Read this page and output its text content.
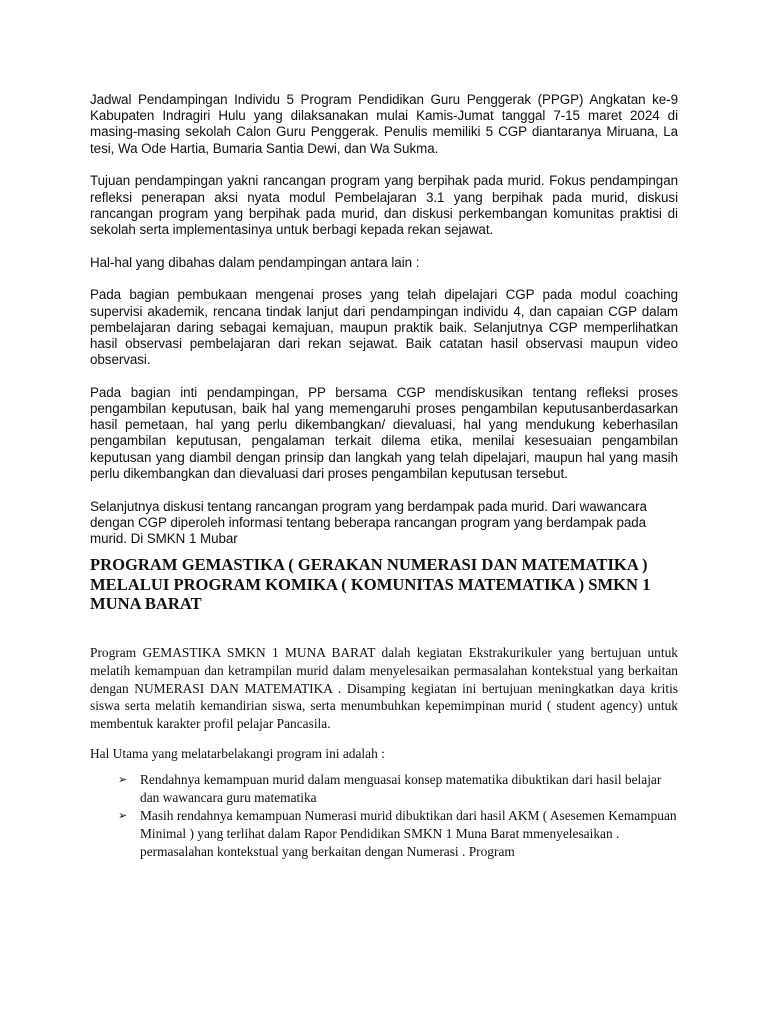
Jadwal Pendampingan Individu 5 Program Pendidikan Guru Penggerak (PPGP) Angkatan ke-9 Kabupaten Indragiri Hulu yang dilaksanakan mulai Kamis-Jumat tanggal 7-15 maret 2024 di masing-masing sekolah Calon Guru Penggerak. Penulis memiliki 5 CGP diantaranya Miruana, La tesi, Wa Ode Hartia, Bumaria Santia Dewi, dan Wa Sukma.

Tujuan pendampingan yakni rancangan program yang berpihak pada murid. Fokus pendampingan refleksi penerapan aksi nyata modul Pembelajaran 3.1 yang berpihak pada murid, diskusi rancangan program yang berpihak pada murid, dan diskusi perkembangan komunitas praktisi di sekolah serta implementasinya untuk berbagi kepada rekan sejawat.

Hal-hal yang dibahas dalam pendampingan antara lain :

Pada bagian pembukaan mengenai proses yang telah dipelajari CGP pada modul coaching supervisi akademik, rencana tindak lanjut dari pendampingan individu 4, dan capaian CGP dalam pembelajaran daring sebagai kemajuan, maupun praktik baik. Selanjutnya CGP memperlihatkan hasil observasi pembelajaran dari rekan sejawat. Baik catatan hasil observasi maupun video observasi.

Pada bagian inti pendampingan, PP bersama CGP mendiskusikan tentang refleksi proses pengambilan keputusan, baik hal yang memengaruhi proses pengambilan keputusanberdasarkan hasil pemetaan, hal yang perlu dikembangkan/ dievaluasi, hal yang mendukung keberhasilan pengambilan keputusan, pengalaman terkait dilema etika, menilai kesesuaian pengambilan keputusan yang diambil dengan prinsip dan langkah yang telah dipelajari, maupun hal yang masih perlu dikembangkan dan dievaluasi dari proses pengambilan keputusan tersebut.

Selanjutnya diskusi tentang rancangan program yang berdampak pada murid. Dari wawancara dengan CGP diperoleh informasi tentang beberapa rancangan program yang berdampak pada murid. Di SMKN 1 Mubar

PROGRAM GEMASTIKA ( GERAKAN NUMERASI DAN MATEMATIKA ) MELALUI PROGRAM KOMIKA ( KOMUNITAS MATEMATIKA ) SMKN 1 MUNA BARAT

Program GEMASTIKA SMKN 1 MUNA BARAT dalah kegiatan Ekstrakurikuler yang bertujuan untuk melatih kemampuan dan ketrampilan murid dalam menyelesaikan permasalahan kontekstual yang berkaitan dengan NUMERASI DAN MATEMATIKA . Disamping kegiatan ini bertujuan meningkatkan daya kritis siswa serta melatih kemandirian siswa, serta menumbuhkan kepemimpinan murid ( student agency) untuk membentuk karakter profil pelajar Pancasila.

Hal Utama yang melatarbelakangi program ini adalah :

➢ Rendahnya kemampuan murid dalam menguasai konsep matematika dibuktikan dari hasil belajar dan wawancara guru matematika
➢ Masih rendahnya kemampuan Numerasi murid dibuktikan dari hasil AKM ( Asesemen Kemampuan Minimal ) yang terlihat dalam Rapor Pendidikan SMKN 1 Muna Barat mmenyelesaikan . permasalahan kontekstual yang berkaitan dengan Numerasi . Program
